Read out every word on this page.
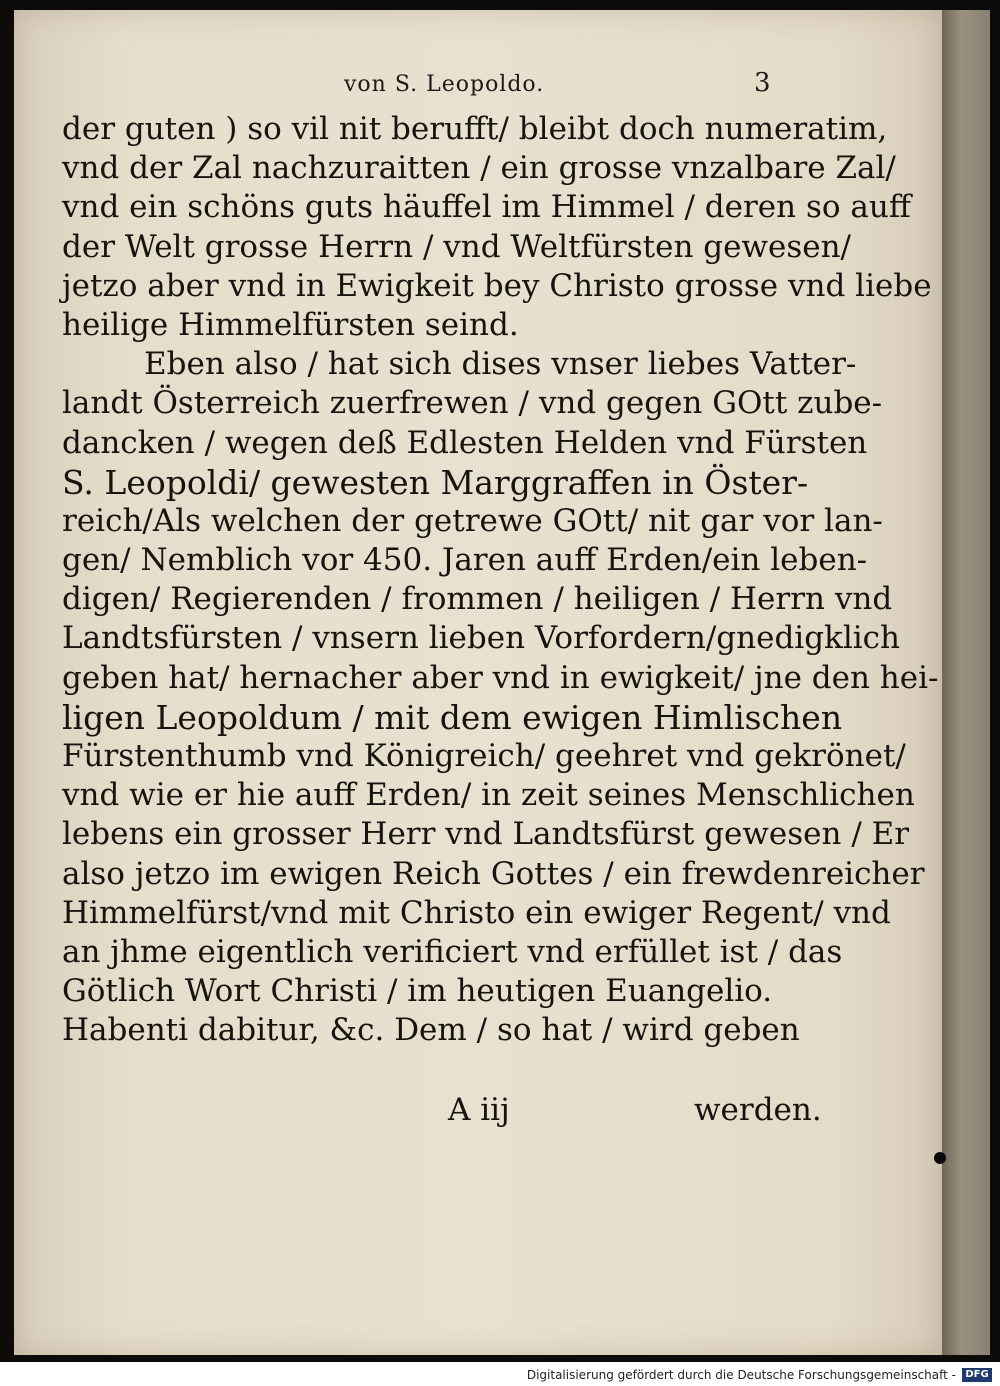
von S. Leopoldo.	3
der guten ) so vil nit berufft/ bleibt doch numeratim,
vnd der Zal nachzuraitten / ein grosse vnzalbare Zal/
vnd ein schöns guts häuffel im Himmel / deren so auff
der Welt grosse Herrn / vnd Weltfürsten gewesen/
jetzo aber vnd in Ewigkeit bey Christo grosse vnd liebe
heilige Himmelfürsten seind.
Eben also / hat sich dises vnser liebes Vatter-
landt Österreich zuerfrewen / vnd gegen GOtt zube-
dancken / wegen deß Edlesten Helden vnd Fürsten
S. Leopoldi/ gewesten Marggraffen in Öster-
reich/Als welchen der getrewe GOtt/ nit gar vor lan-
gen/ Nemblich vor 450. Jaren auff Erden/ein leben-
digen/ Regierenden / frommen / heiligen / Herrn vnd
Landtsfürsten / vnsern lieben Vorfordern/gnedigklich
geben hat/ hernacher aber vnd in ewigkeit/ jne den hei-
ligen Leopoldum / mit dem ewigen Himlischen
Fürstenthumb vnd Königreich/ geehret vnd gekrönet/
vnd wie er hie auff Erden/ in zeit seines Menschlichen
lebens ein grosser Herr vnd Landtsfürst gewesen / Er
also jetzo im ewigen Reich Gottes / ein frewdenreicher
Himmelfürst/vnd mit Christo ein ewiger Regent/ vnd
an jhme eigentlich verificiert vnd erfüllet ist / das
Götlich Wort Christi / im heutigen Euangelio.
Habenti dabitur, &c. Dem / so hat / wird geben
A iij	werden.
Digitalisierung gefördert durch die Deutsche Forschungsgemeinschaft - DFG
